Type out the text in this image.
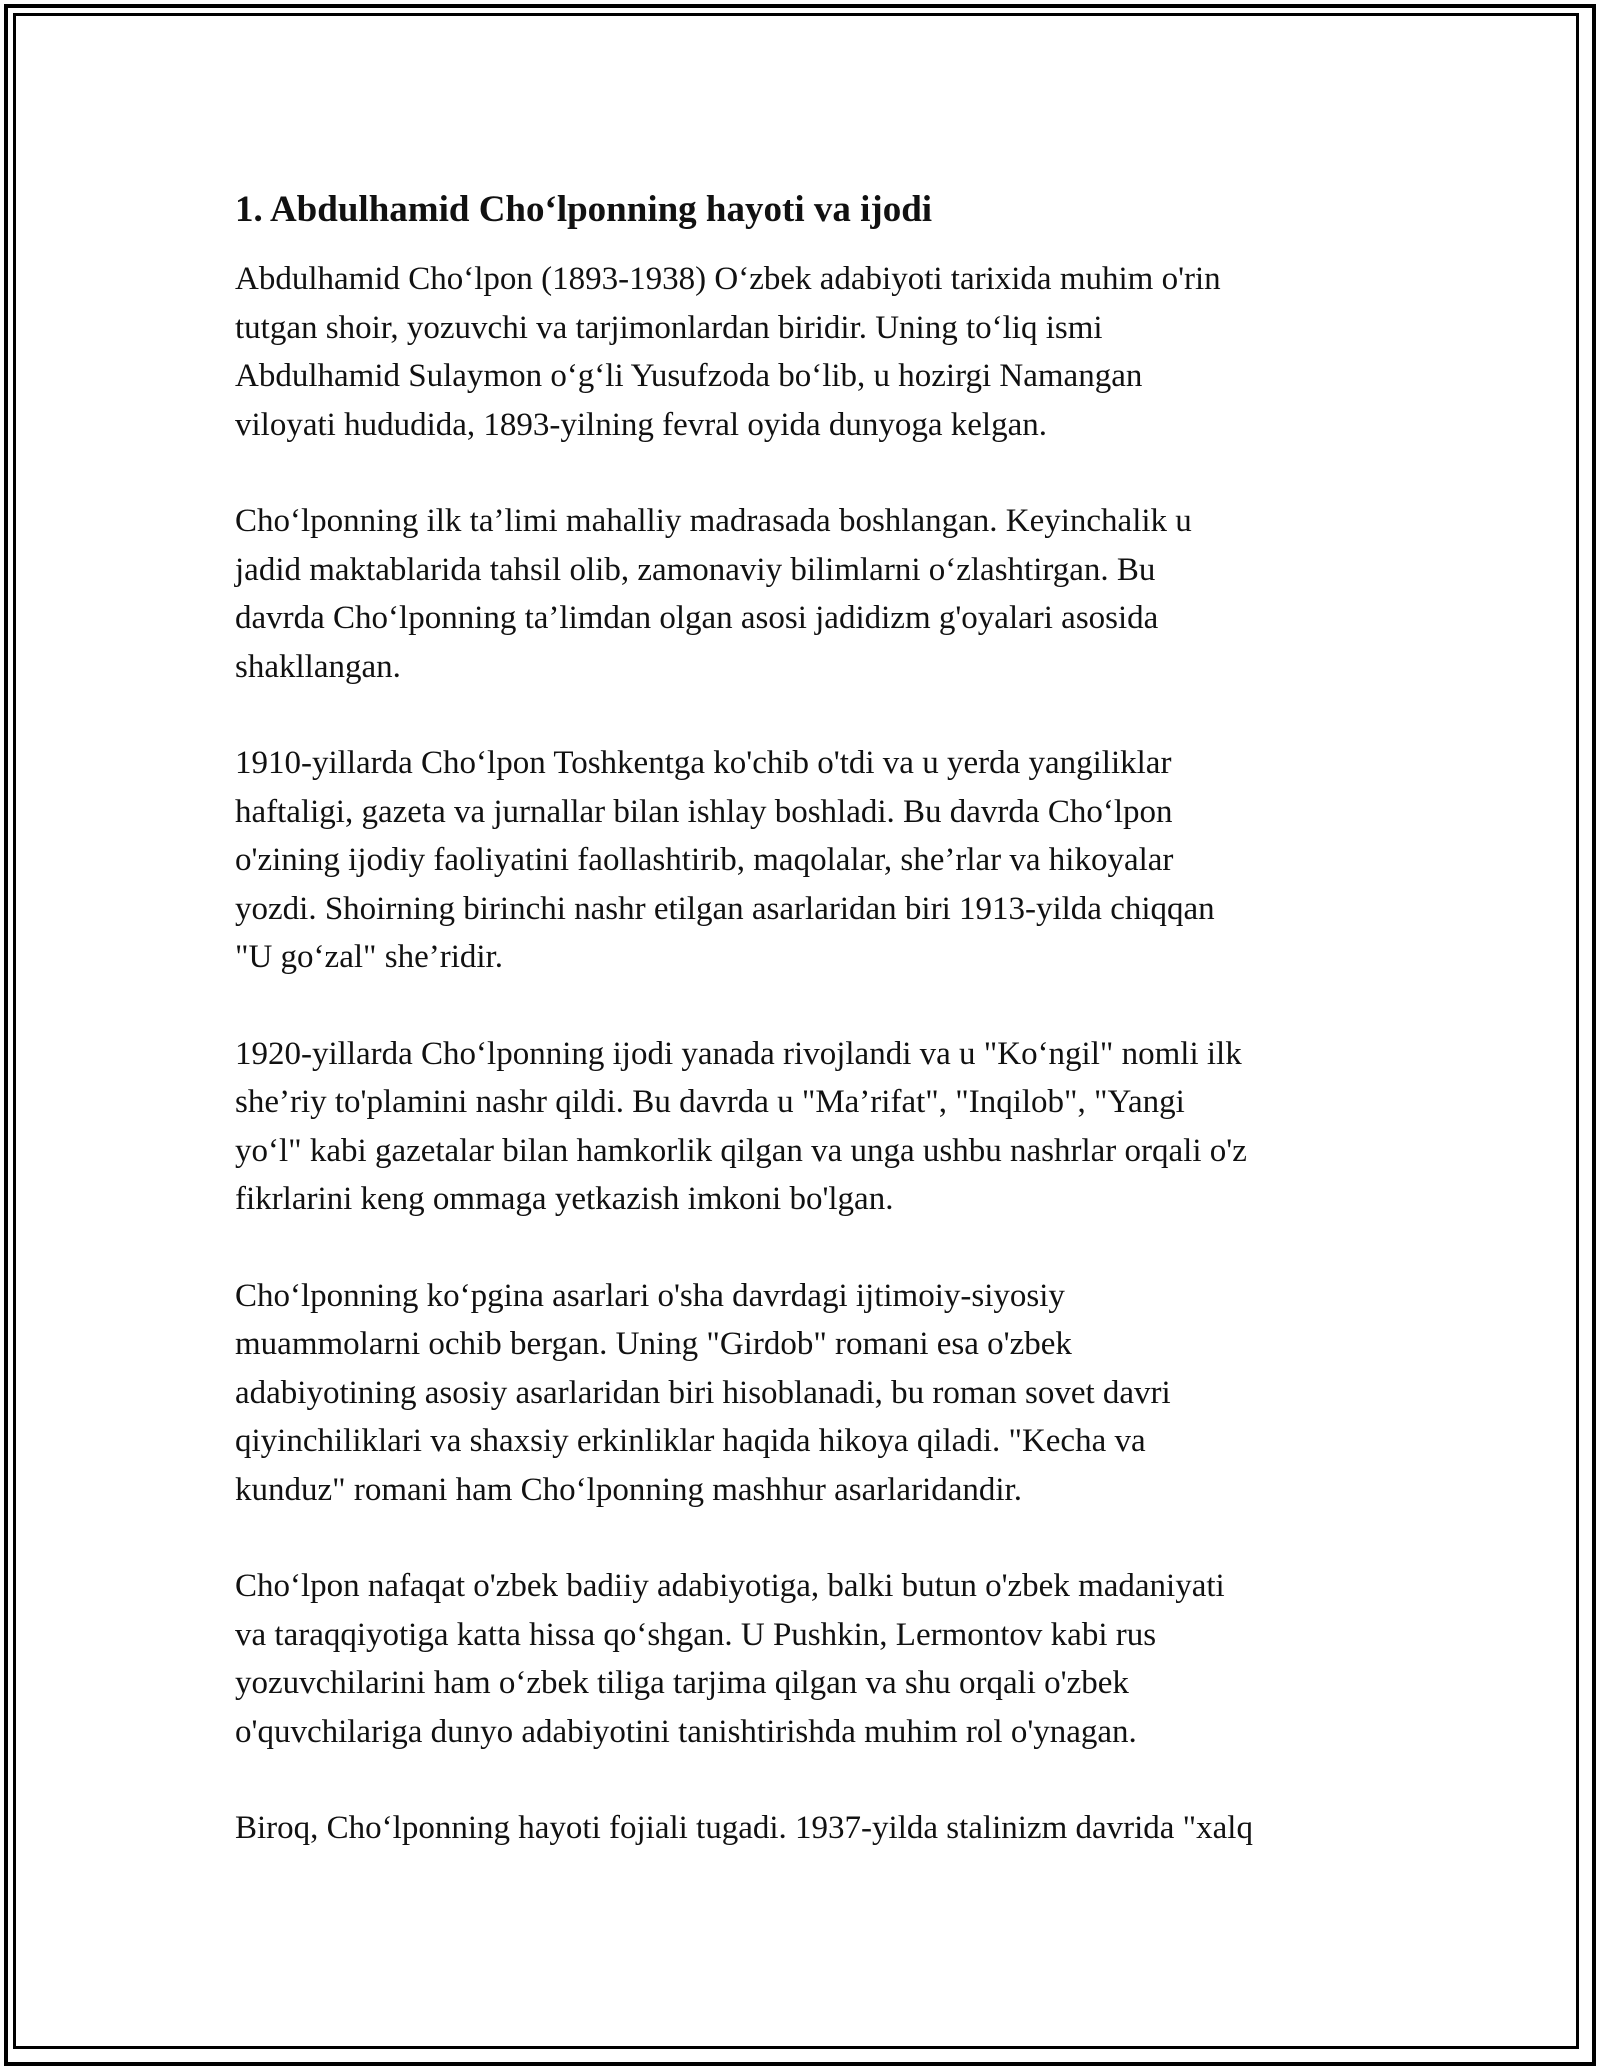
1. Abdulhamid Cho‘lponning hayoti va ijodi
Abdulhamid Cho‘lpon (1893-1938) O‘zbek adabiyoti tarixida muhim o'rin
tutgan shoir, yozuvchi va tarjimonlardan biridir. Uning to‘liq ismi
Abdulhamid Sulaymon o‘g‘li Yusufzoda bo‘lib, u hozirgi Namangan
viloyati hududida, 1893-yilning fevral oyida dunyoga kelgan.
Cho‘lponning ilk ta’limi mahalliy madrasada boshlangan. Keyinchalik u
jadid maktablarida tahsil olib, zamonaviy bilimlarni o‘zlashtirgan. Bu
davrda Cho‘lponning ta’limdan olgan asosi jadidizm g'oyalari asosida
shakllangan.
1910-yillarda Cho‘lpon Toshkentga ko'chib o'tdi va u yerda yangiliklar
haftaligi, gazeta va jurnallar bilan ishlay boshladi. Bu davrda Cho‘lpon
o'zining ijodiy faoliyatini faollashtirib, maqolalar, she’rlar va hikoyalar
yozdi. Shoirning birinchi nashr etilgan asarlaridan biri 1913-yilda chiqqan
"U go‘zal" she’ridir.
1920-yillarda Cho‘lponning ijodi yanada rivojlandi va u "Ko‘ngil" nomli ilk
she’riy to'plamini nashr qildi. Bu davrda u "Ma’rifat", "Inqilob", "Yangi
yo‘l" kabi gazetalar bilan hamkorlik qilgan va unga ushbu nashrlar orqali o'z
fikrlarini keng ommaga yetkazish imkoni bo'lgan.
Cho‘lponning ko‘pgina asarlari o'sha davrdagi ijtimoiy-siyosiy
muammolarni ochib bergan. Uning "Girdob" romani esa o'zbek
adabiyotining asosiy asarlaridan biri hisoblanadi, bu roman sovet davri
qiyinchiliklari va shaxsiy erkinliklar haqida hikoya qiladi. "Kecha va
kunduz" romani ham Cho‘lponning mashhur asarlaridandir.
Cho‘lpon nafaqat o'zbek badiiy adabiyotiga, balki butun o'zbek madaniyati
va taraqqiyotiga katta hissa qo‘shgan. U Pushkin, Lermontov kabi rus
yozuvchilarini ham o‘zbek tiliga tarjima qilgan va shu orqali o'zbek
o'quvchilariga dunyo adabiyotini tanishtirishda muhim rol o'ynagan.
Biroq, Cho‘lponning hayoti fojiali tugadi. 1937-yilda stalinizm davrida "xalq
